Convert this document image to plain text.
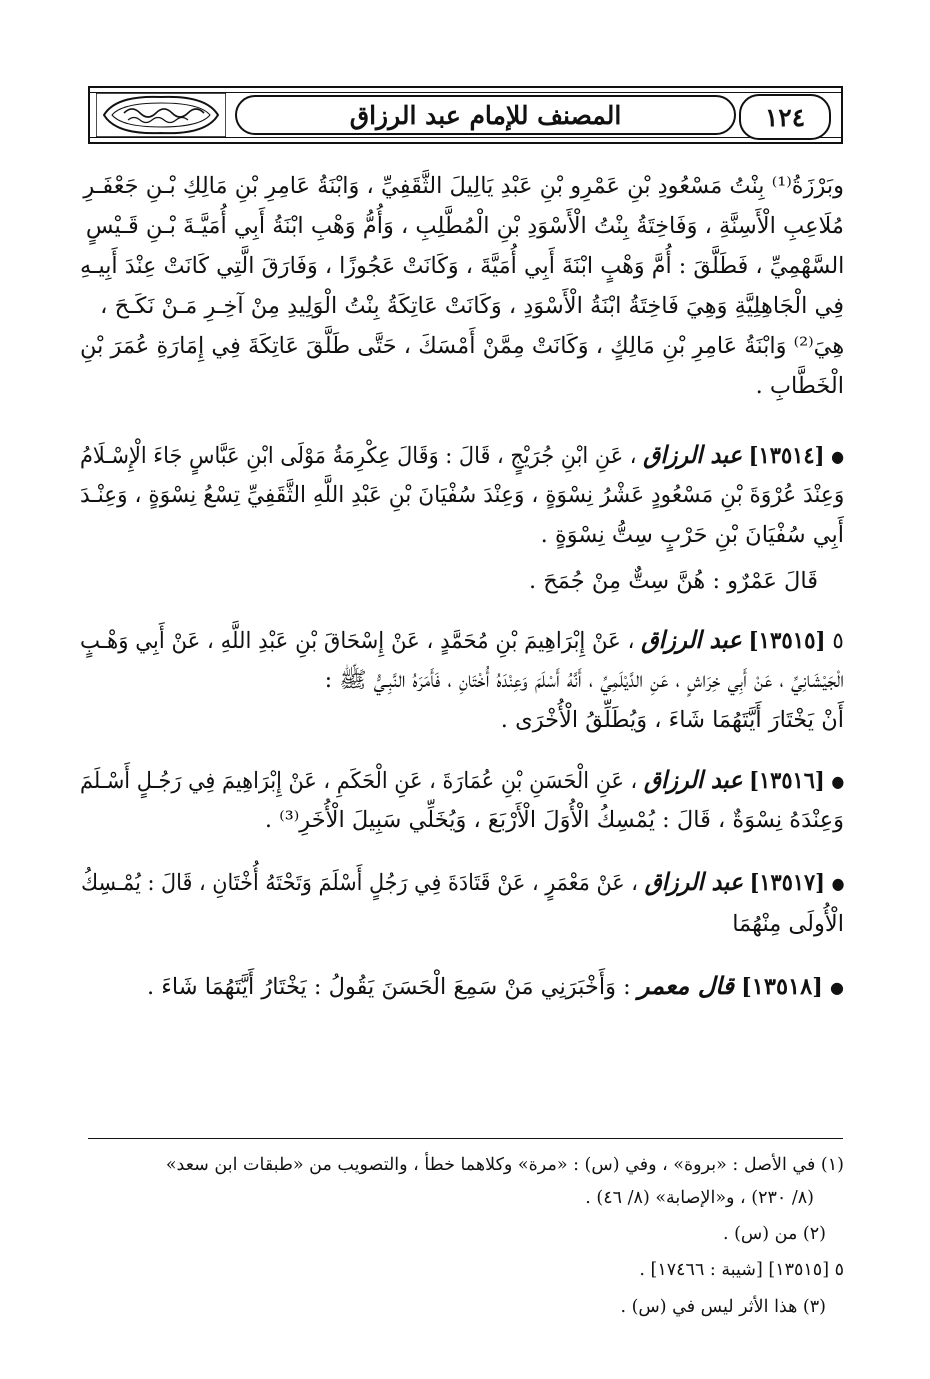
المصنف للإمام عبد الرزاق	١٢٤
وبَرْزَةُ⁽¹⁾ بِنْتُ مَسْعُودِ بْنِ عَمْرِو بْنِ عَبْدِ يَالِيلَ الثَّقَفِيِّ ، وَابْنَةُ عَامِرِ بْنِ مَالِكِ بْـنِ جَعْفَـرِ
مُلَاعِبِ الْأَسِنَّةِ ، وَفَاخِتَةُ بِنْتُ الْأَسْوَدِ بْنِ الْمُطَّلِبِ ، وَأُمُّ وَهْبِ ابْنَةُ أَبِي أُمَيَّـةَ بْـنِ قَـيْسٍ
السَّهْمِيِّ ، فَطَلَّقَ : أُمَّ وَهْبٍ ابْنَةَ أَبِي أُمَيَّةَ ، وَكَانَتْ عَجُوزًا ، وَفَارَقَ الَّتِي كَانَتْ عِنْدَ أَبِيـهِ
فِي الْجَاهِلِيَّةِ وَهِيَ فَاخِتَةُ ابْنَةُ الْأَسْوَدِ ، وَكَانَتْ عَاتِكَةُ بِنْتُ الْوَلِيدِ مِنْ آخِـرِ مَـنْ نَكَـحَ ،
هِيَ⁽²⁾ وَابْنَةُ عَامِرِ بْنِ مَالِكٍ ، وَكَانَتْ مِمَّنْ أَمْسَكَ ، حَتَّى طَلَّقَ عَاتِكَةَ فِي إِمَارَةِ عُمَرَ بْنِ
الْخَطَّابِ .
● [١٣٥١٤] عبد الرزاق ، عَنِ ابْنِ جُرَيْجٍ ، قَالَ : وَقَالَ عِكْرِمَةُ مَوْلَى ابْنِ عَبَّاسٍ جَاءَ الْإِسْـلَامُ
وَعِنْدَ عُرْوَةَ بْنِ مَسْعُودٍ عَشْرُ نِسْوَةٍ ، وَعِنْدَ سُفْيَانَ بْنِ عَبْدِ اللَّهِ الثَّقَفِيِّ تِسْعُ نِسْوَةٍ ، وَعِنْـدَ
أَبِي سُفْيَانَ بْنِ حَرْبٍ سِتُّ نِسْوَةٍ .
قَالَ عَمْرٌو : هُنَّ سِتٌّ مِنْ جُمَحَ .
٥ [١٣٥١٥] عبد الرزاق ، عَنْ إِبْرَاهِيمَ بْنِ مُحَمَّدٍ ، عَنْ إِسْحَاقَ بْنِ عَبْدِ اللَّهِ ، عَنْ أَبِي وَهْـبٍ
الْجَيْشَانِيِّ ، عَنْ أَبِي خِرَاشٍ ، عَنِ الدَّيْلَمِيِّ ، أَنَّهُ أَسْلَمَ وَعِنْدَهُ أُخْتَانِ ، فَأَمَرَهُ النَّبِـيُّ ﷺ :
أَنْ يَخْتَارَ أَيَّتَهُمَا شَاءَ ، وَيُطَلِّقُ الْأُخْرَى .
● [١٣٥١٦] عبد الرزاق ، عَنِ الْحَسَنِ بْنِ عُمَارَةَ ، عَنِ الْحَكَمِ ، عَنْ إِبْرَاهِيمَ فِي رَجُـلٍ أَسْـلَمَ
وَعِنْدَهُ نِسْوَةٌ ، قَالَ : يُمْسِكُ الْأُوَلَ الْأَرْبَعَ ، وَيُخَلِّي سَبِيلَ الْأُخَرِ⁽³⁾ .
● [١٣٥١٧] عبد الرزاق ، عَنْ مَعْمَرٍ ، عَنْ قَتَادَةَ فِي رَجُلٍ أَسْلَمَ وَتَحْتَهُ أُخْتَانِ ، قَالَ : يُمْـسِكُ
الْأُولَى مِنْهُمَا
● [١٣٥١٨] قال معمر : وَأَخْبَرَنِي مَنْ سَمِعَ الْحَسَنَ يَقُولُ : يَخْتَارُ أَيَّتَهُمَا شَاءَ .
(١) في الأصل : «بروة» ، وفي (س) : «مرة» وكلاهما خطأ ، والتصويب من «طبقات ابن سعد»
(٨/ ٢٣٠) ، و«الإصابة» (٨/ ٤٦) .
(٢) من (س) .
٥ [١٣٥١٥] [شيبة : ١٧٤٦٦] .
(٣) هذا الأثر ليس في (س) .
